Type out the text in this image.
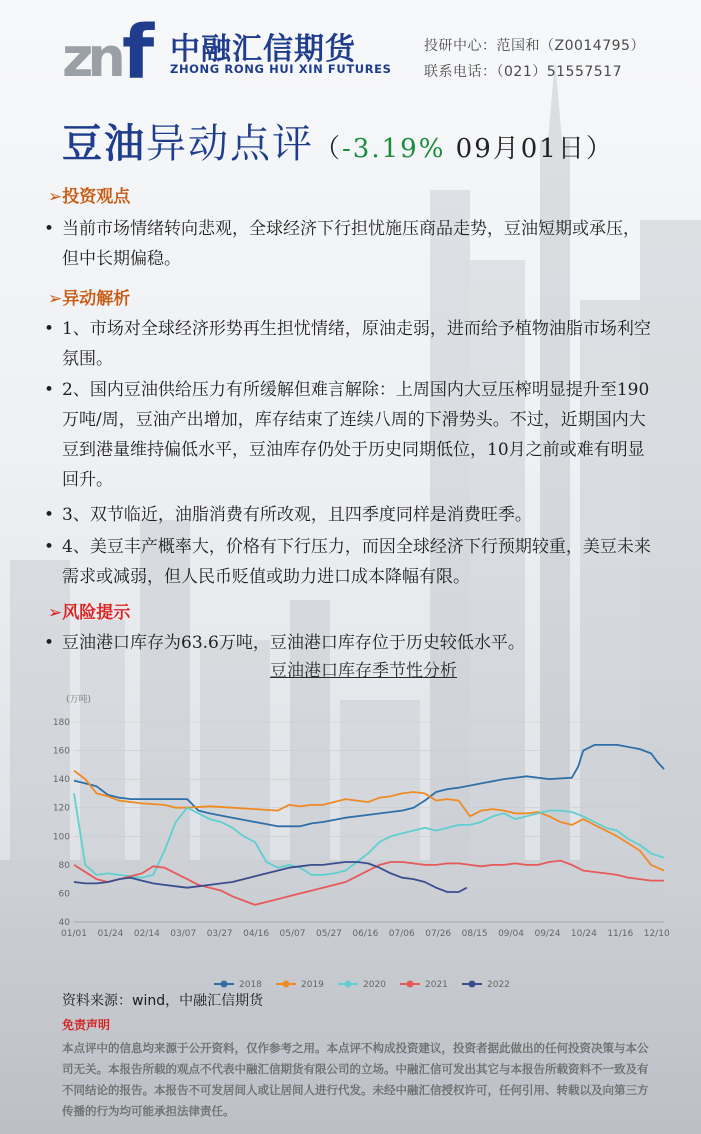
zn f 中融汇信期货
ZHONG RONG HUI XIN FUTURES
投研中心：范国和（Z0014795）
联系电话：（021）51557517
豆油异动点评（-3.19% 09月01日）
➢投资观点
• 当前市场情绪转向悲观，全球经济下行担忧施压商品走势，豆油短期或承压，但中长期偏稳。
➢异动解析
• 1、市场对全球经济形势再生担忧情绪，原油走弱，进而给予植物油脂市场利空氛围。
• 2、国内豆油供给压力有所缓解但难言解除：上周国内大豆压榨明显提升至190万吨/周，豆油产出增加，库存结束了连续八周的下滑势头。不过，近期国内大豆到港量维持偏低水平，豆油库存仍处于历史同期低位，10月之前或难有明显回升。
• 3、双节临近，油脂消费有所改观，且四季度同样是消费旺季。
• 4、美豆丰产概率大，价格有下行压力，而因全球经济下行预期较重，美豆未来需求或减弱，但人民币贬值或助力进口成本降幅有限。
➢风险提示
• 豆油港口库存为63.6万吨，豆油港口库存位于历史较低水平。
豆油港口库存季节性分析
(万吨)
40
60
80
100
120
140
160
180
01/01 01/24 02/14 03/07 03/27 04/16 05/07 05/27 06/16 07/06 07/26 08/15 09/04 09/24 10/24 11/16 12/10
2018	2019	2020	2021	2022
资料来源：wind，中融汇信期货
免责声明
本点评中的信息均来源于公开资料，仅作参考之用。本点评不构成投资建议，投资者据此做出的任何投资决策与本公司无关。本报告所载的观点不代表中融汇信期货有限公司的立场。中融汇信可发出其它与本报告所载资料不一致及有不同结论的报告。本报告不可发居间人或让居间人进行代发。未经中融汇信授权许可，任何引用、转载以及向第三方传播的行为均可能承担法律责任。
